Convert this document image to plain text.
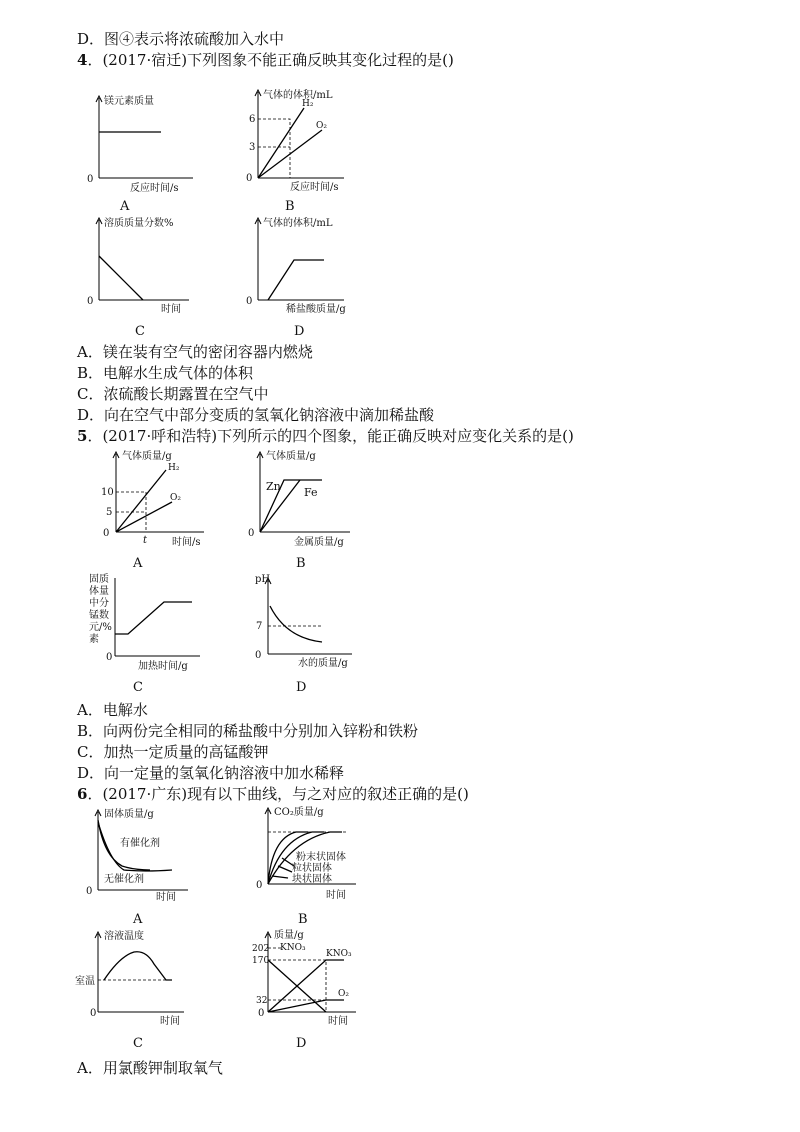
D．图④表示将浓硫酸加入水中
4．(2017·宿迁)下列图象不能正确反映其变化过程的是()
镁元素质量
0
反应时间/s
A
气体的体积/mL
6
3
H₂
O₂
0
反应时间/s
B
溶质质量分数%
0
时间
C
气体的体积/mL
0
稀盐酸质量/g
D
A．镁在装有空气的密闭容器内燃烧
B．电解水生成气体的体积
C．浓硫酸长期露置在空气中
D．向在空气中部分变质的氢氧化钠溶液中滴加稀盐酸
5．(2017·呼和浩特)下列所示的四个图象，能正确反映对应变化关系的是()
气体质量/g
10
5
H₂
O₂
0
t 时间/s
A
气体质量/g
Zn Fe
0
金属质量/g
B
固质
体量
中分
锰数
元/%
素
0
加热时间/g
C
pH
7
0
水的质量/g
D
A．电解水
B．向两份完全相同的稀盐酸中分别加入锌粉和铁粉
C．加热一定质量的高锰酸钾
D．向一定量的氢氧化钠溶液中加水稀释
6．(2017·广东)现有以下曲线，与之对应的叙述正确的是()
固体质量/g
有催化剂
无催化剂
0
时间
A
CO₂质量/g
粉末状固体
粒状固体
块状固体
0
时间
B
溶液温度
室温
0
时间
C
质量/g
202
170
32
KNO₃
KNO₃
O₂
0
时间
D
A．用氯酸钾制取氧气
